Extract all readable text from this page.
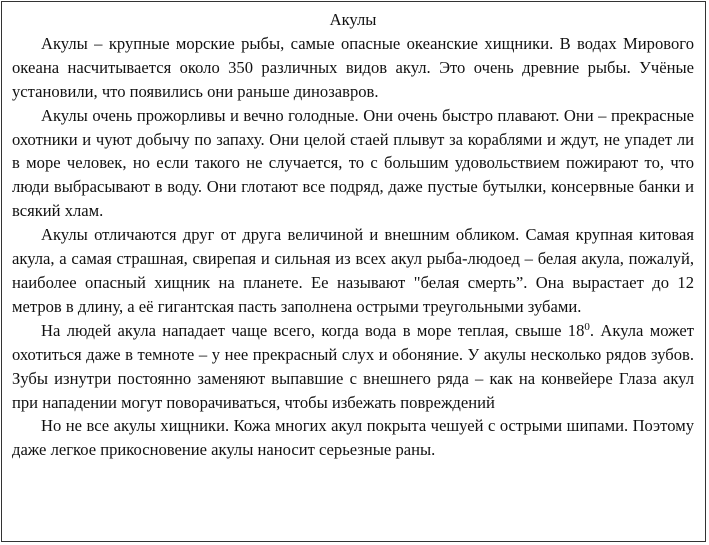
Акулы

Акулы – крупные морские рыбы, самые опасные океанские хищники. В водах Мирового океана насчитывается около 350 различных видов акул. Это очень древние рыбы. Учёные установили, что появились они раньше динозавров.

Акулы очень прожорливы и вечно голодные. Они очень быстро плавают. Они – прекрасные охотники и чуют добычу по запаху. Они целой стаей плывут за кораблями и ждут, не упадет ли в море человек, но если такого не случается, то с большим удовольствием пожирают то, что люди выбрасывают в воду. Они глотают все подряд, даже пустые бутылки, консервные банки и всякий хлам.

Акулы отличаются друг от друга величиной и внешним обликом. Самая крупная китовая акула, а самая страшная, свирепая и сильная из всех акул рыба-людоед – белая акула, пожалуй, наиболее опасный хищник на планете. Ее называют "белая смерть”. Она вырастает до 12 метров в длину, а её гигантская пасть заполнена острыми треугольными зубами.

На людей акула нападает чаще всего, когда вода в море теплая, свыше $18^0$. Акула может охотиться даже в темноте – у нее прекрасный слух и обоняние. У акулы несколько рядов зубов. Зубы изнутри постоянно заменяют выпавшие с внешнего ряда – как на конвейере Глаза акул при нападении могут поворачиваться, чтобы избежать повреждений

Но не все акулы хищники. Кожа многих акул покрыта чешуей с острыми шипами. Поэтому даже легкое прикосновение акулы наносит серьезные раны.
